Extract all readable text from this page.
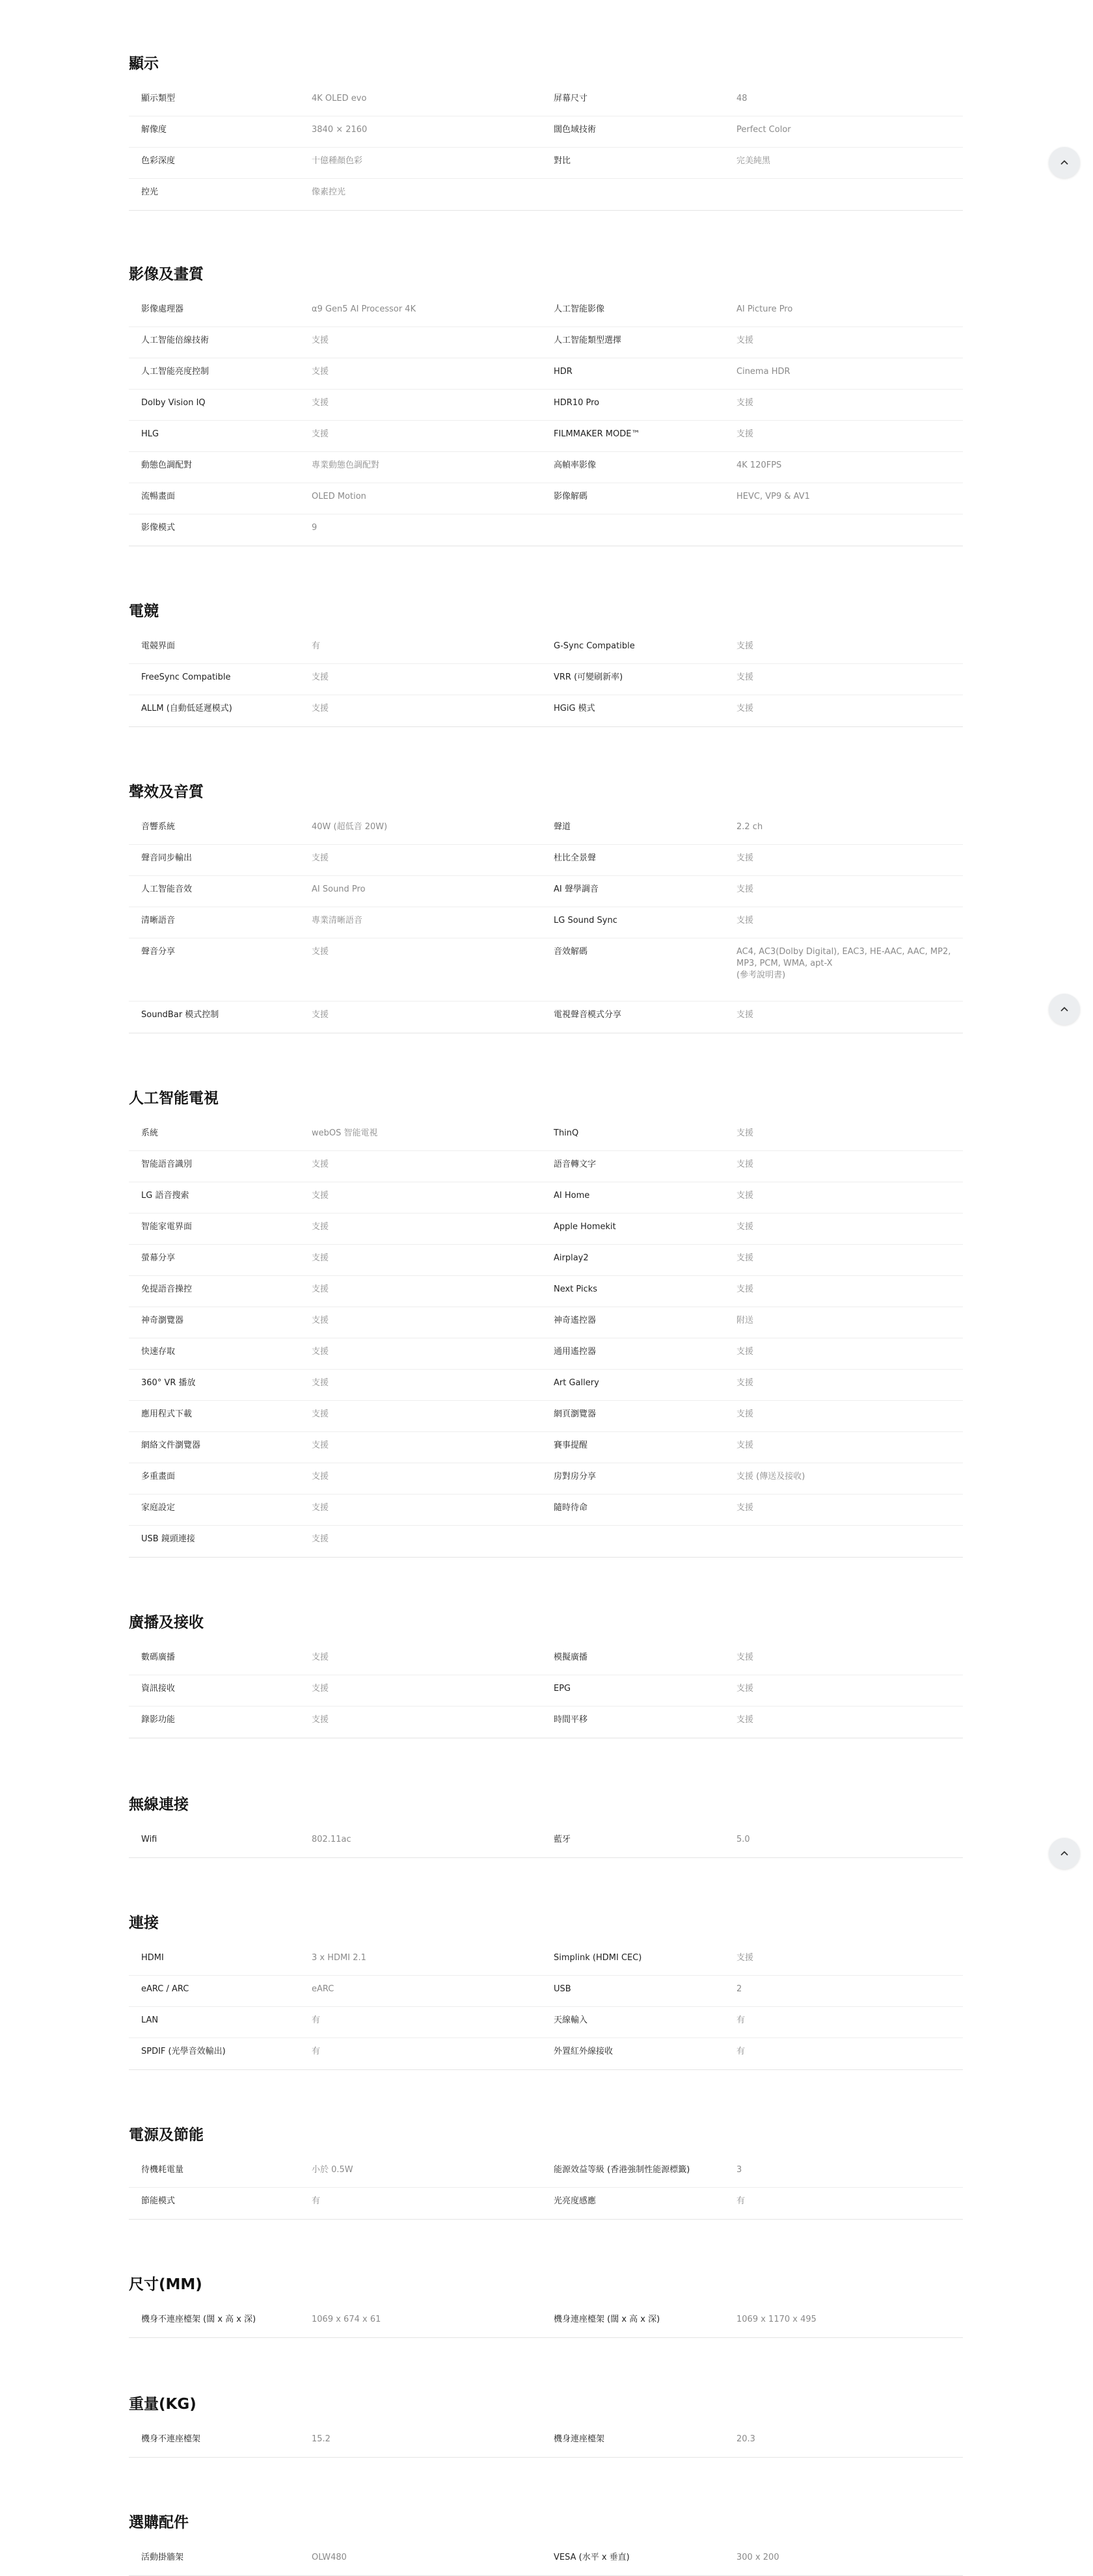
顯示
顯示類型	4K OLED evo	屏幕尺寸	48
解像度	3840 × 2160	闊色域技術	Perfect Color
色彩深度	十億種顏色彩	對比	完美純黑
控光	像素控光
影像及畫質
影像處理器	α9 Gen5 AI Processor 4K	人工智能影像	AI Picture Pro
人工智能倍線技術	支援	人工智能類型選擇	支援
人工智能亮度控制	支援	HDR	Cinema HDR
Dolby Vision IQ	支援	HDR10 Pro	支援
HLG	支援	FILMMAKER MODE™	支援
動態色調配對	專業動態色調配對	高幀率影像	4K 120FPS
流暢畫面	OLED Motion	影像解碼	HEVC, VP9 & AV1
影像模式	9
電競
電競界面	有	G-Sync Compatible	支援
FreeSync Compatible	支援	VRR (可變刷新率)	支援
ALLM (自動低延遲模式)	支援	HGiG 模式	支援
聲效及音質
音響系統	40W (超低音 20W)	聲道	2.2 ch
聲音同步輸出	支援	杜比全景聲	支援
人工智能音效	AI Sound Pro	AI 聲學調音	支援
清晰語音	專業清晰語音	LG Sound Sync	支援
聲音分享	支援	音效解碼	AC4, AC3(Dolby Digital), EAC3, HE-AAC, AAC, MP2, MP3, PCM, WMA, apt-X
(參考說明書)
SoundBar 模式控制	支援	電視聲音模式分享	支援
人工智能電視
系統	webOS 智能電視	ThinQ	支援
智能語音識別	支援	語音轉文字	支援
LG 語音搜索	支援	AI Home	支援
智能家電界面	支援	Apple Homekit	支援
螢幕分享	支援	Airplay2	支援
免提語音操控	支援	Next Picks	支援
神奇瀏覽器	支援	神奇遙控器	附送
快速存取	支援	通用遙控器	支援
360° VR 播放	支援	Art Gallery	支援
應用程式下載	支援	網頁瀏覽器	支援
網絡文件瀏覽器	支援	賽事提醒	支援
多重畫面	支援	房對房分享	支援 (傳送及接收)
家庭設定	支援	隨時待命	支援
USB 鏡頭連接	支援
廣播及接收
數碼廣播	支援	模擬廣播	支援
資訊接收	支援	EPG	支援
錄影功能	支援	時間平移	支援
無線連接
Wifi	802.11ac	藍牙	5.0
連接
HDMI	3 x HDMI 2.1	Simplink (HDMI CEC)	支援
eARC / ARC	eARC	USB	2
LAN	有	天線輸入	有
SPDIF (光學音效輸出)	有	外置紅外線接收	有
電源及節能
待機耗電量	小於 0.5W	能源效益等級 (香港強制性能源標籤)	3
節能模式	有	光亮度感應	有
尺寸(MM)
機身不連座檯架 (闊 x 高 x 深)	1069 x 674 x 61	機身連座檯架 (闊 x 高 x 深)	1069 x 1170 x 495
重量(KG)
機身不連座檯架	15.2	機身連座檯架	20.3
選購配件
活動掛牆架	OLW480	VESA (水平 x 垂直)	300 x 200
